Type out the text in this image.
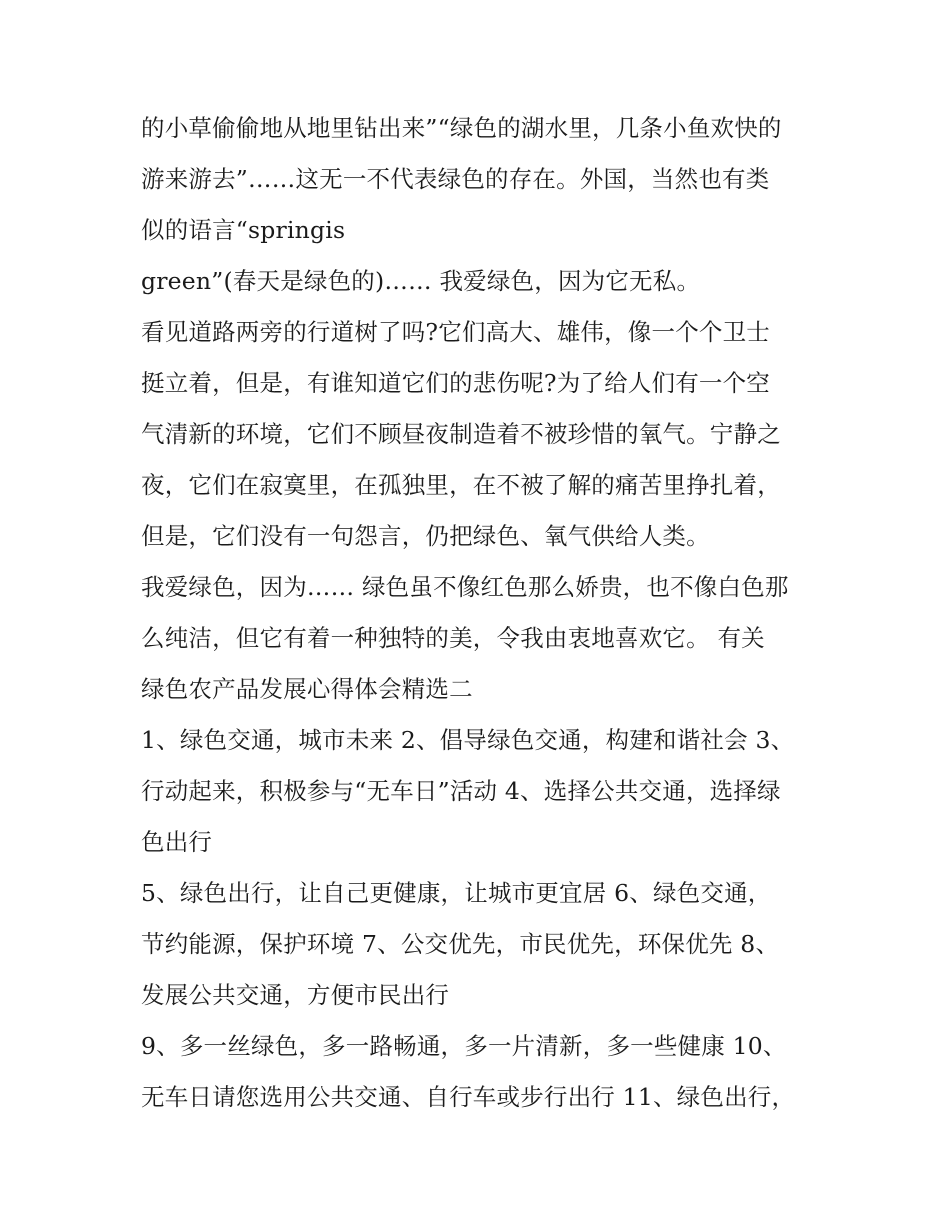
的小草偷偷地从地里钻出来”“绿色的湖水里，几条小鱼欢快的
游来游去”……这无一不代表绿色的存在。外国，当然也有类
似的语言“springis
green”(春天是绿色的)…… 我爱绿色，因为它无私。
看见道路两旁的行道树了吗?它们高大、雄伟，像一个个卫士
挺立着，但是，有谁知道它们的悲伤呢?为了给人们有一个空
气清新的环境，它们不顾昼夜制造着不被珍惜的氧气。宁静之
夜，它们在寂寞里，在孤独里，在不被了解的痛苦里挣扎着，
但是，它们没有一句怨言，仍把绿色、氧气供给人类。
我爱绿色，因为…… 绿色虽不像红色那么娇贵，也不像白色那
么纯洁，但它有着一种独特的美，令我由衷地喜欢它。 有关
绿色农产品发展心得体会精选二
1、绿色交通，城市未来 2、倡导绿色交通，构建和谐社会 3、
行动起来，积极参与“无车日”活动 4、选择公共交通，选择绿
色出行
5、绿色出行，让自己更健康，让城市更宜居 6、绿色交通，
节约能源，保护环境 7、公交优先，市民优先，环保优先 8、
发展公共交通，方便市民出行
9、多一丝绿色，多一路畅通，多一片清新，多一些健康 10、
无车日请您选用公共交通、自行车或步行出行 11、绿色出行，
